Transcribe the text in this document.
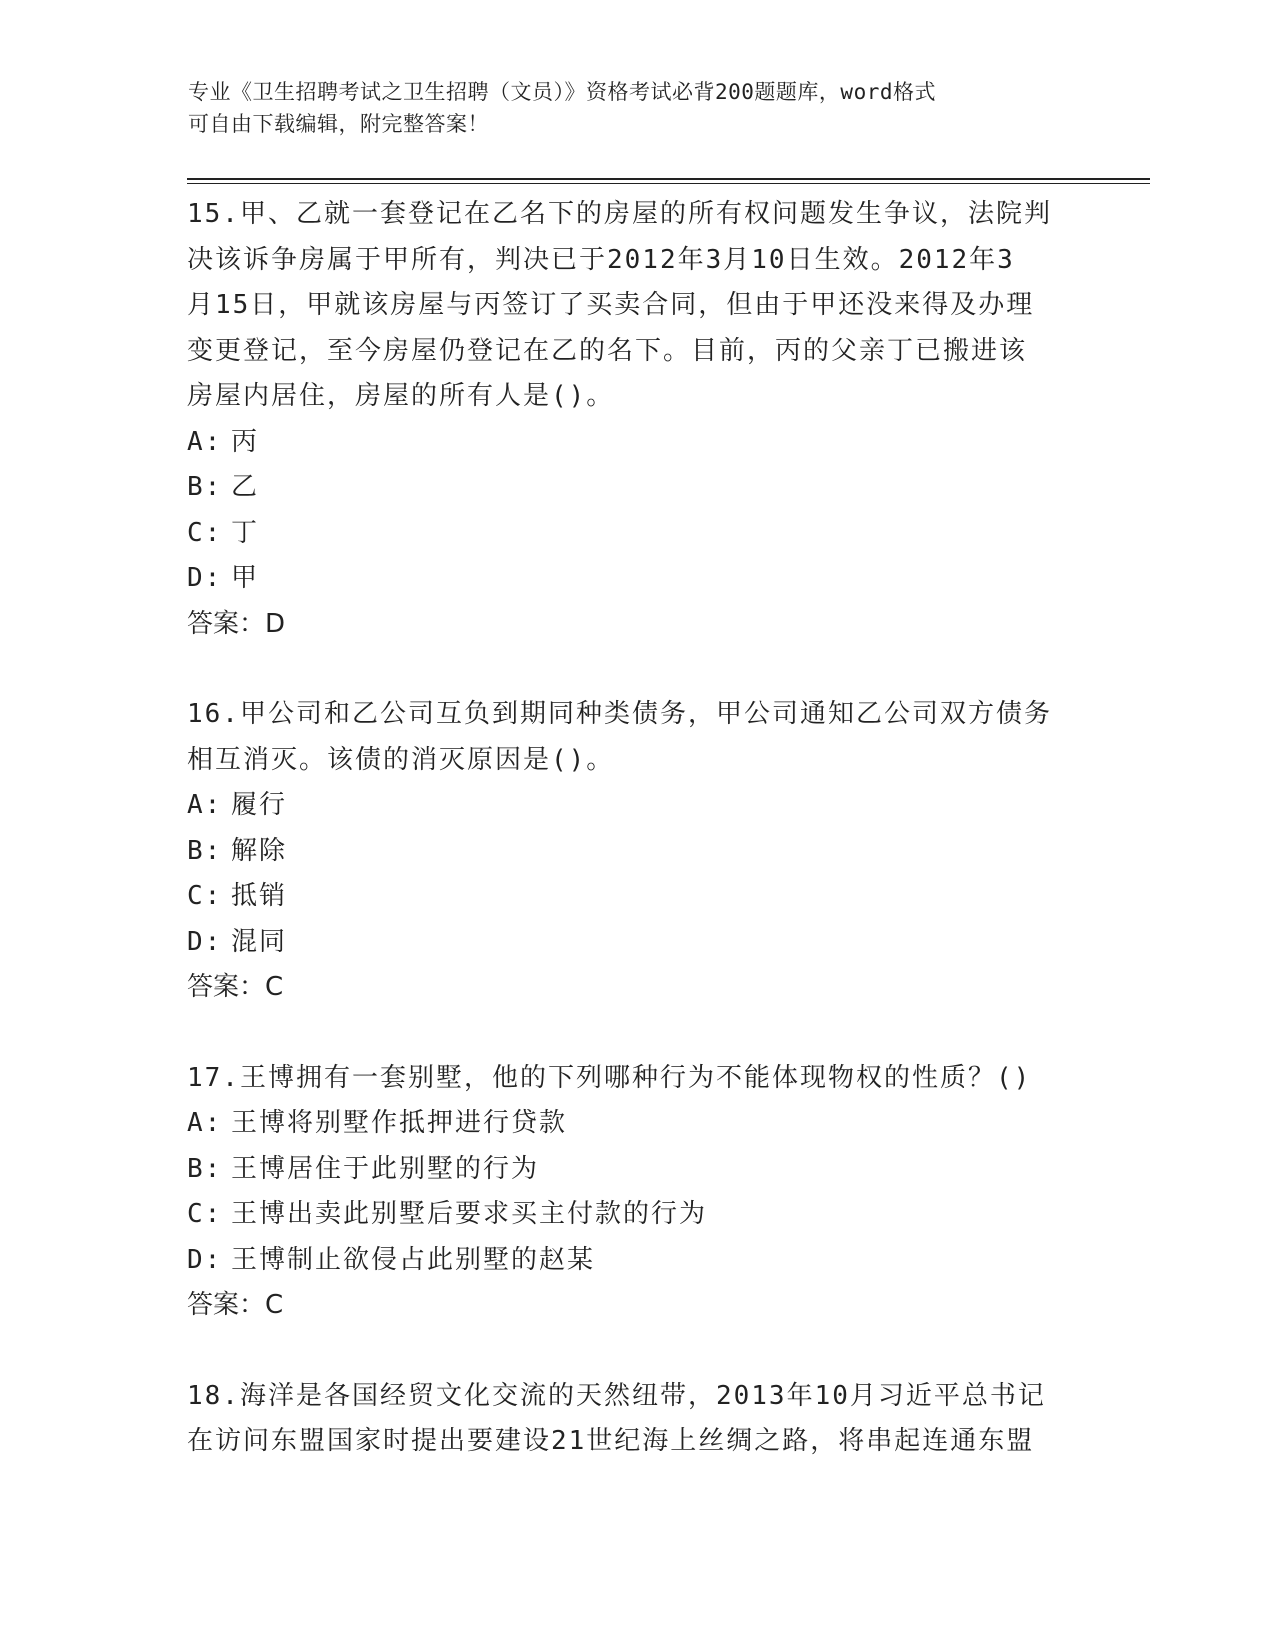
专业《卫生招聘考试之卫生招聘（文员）》资格考试必背200题题库，word格式
可自由下载编辑，附完整答案！

15.甲、乙就一套登记在乙名下的房屋的所有权问题发生争议，法院判

决该诉争房属于甲所有，判决已于2012年3月10日生效。2012年3

月15日，甲就该房屋与丙签订了买卖合同，但由于甲还没来得及办理

变更登记，至今房屋仍登记在乙的名下。目前，丙的父亲丁已搬进该

房屋内居住，房屋的所有人是()。

A: 丙

B: 乙

C: 丁

D: 甲

答案：D

16.甲公司和乙公司互负到期同种类债务，甲公司通知乙公司双方债务

相互消灭。该债的消灭原因是()。

A: 履行

B: 解除

C: 抵销

D: 混同

答案：C

17.王博拥有一套别墅，他的下列哪种行为不能体现物权的性质？()

A: 王博将别墅作抵押进行贷款

B: 王博居住于此别墅的行为

C: 王博出卖此别墅后要求买主付款的行为

D: 王博制止欲侵占此别墅的赵某

答案：C

18.海洋是各国经贸文化交流的天然纽带，2013年10月习近平总书记

在访问东盟国家时提出要建设21世纪海上丝绸之路，将串起连通东盟
